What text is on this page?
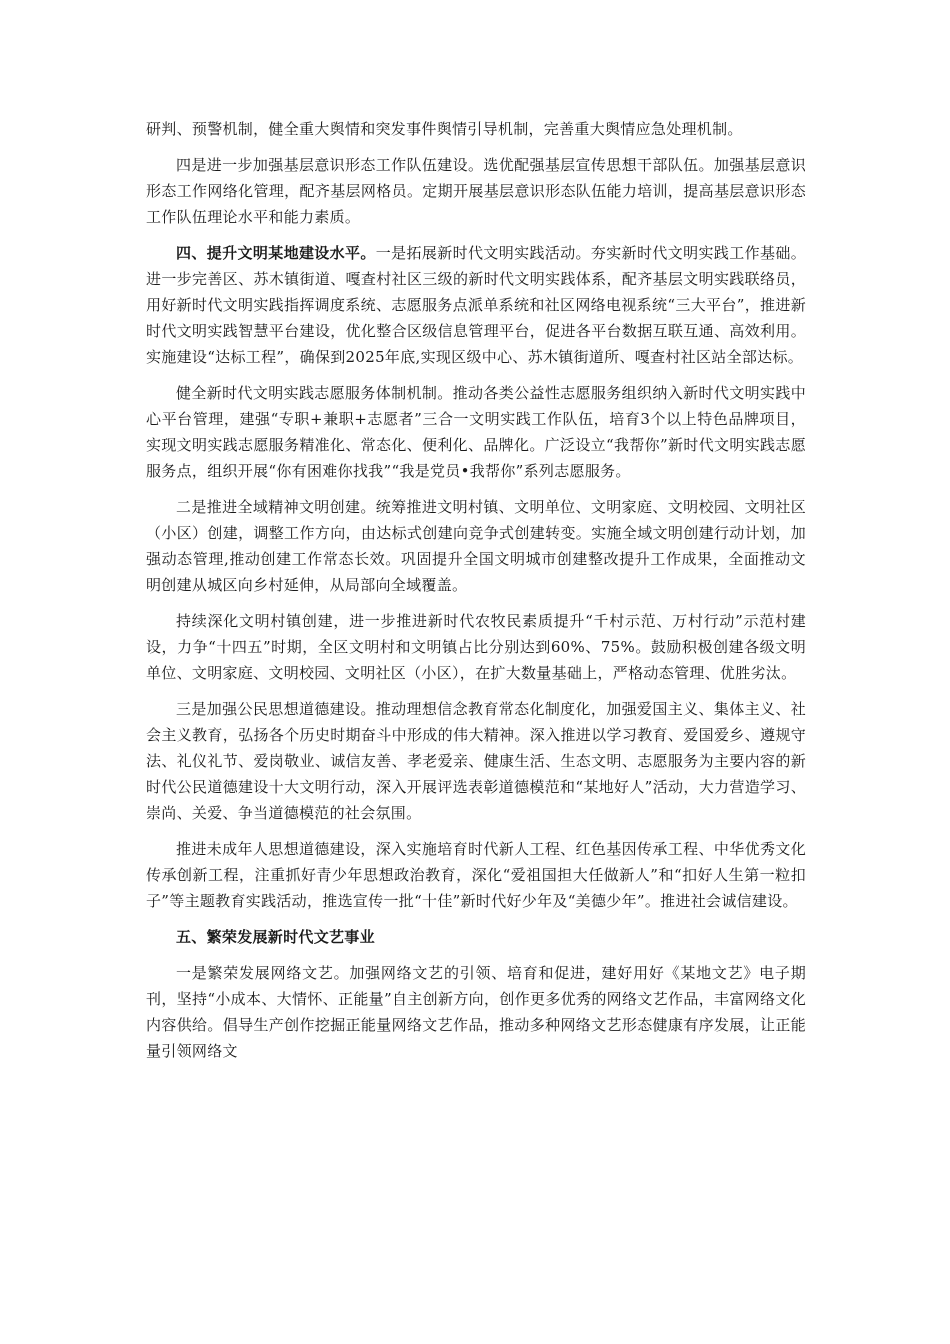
研判、预警机制，健全重大舆情和突发事件舆情引导机制，完善重大舆情应急处理机制。

四是进一步加强基层意识形态工作队伍建设。选优配强基层宣传思想干部队伍。加强基层意识形态工作网络化管理，配齐基层网格员。定期开展基层意识形态队伍能力培训，提高基层意识形态工作队伍理论水平和能力素质。

四、提升文明某地建设水平。一是拓展新时代文明实践活动。夯实新时代文明实践工作基础。进一步完善区、苏木镇街道、嘎查村社区三级的新时代文明实践体系，配齐基层文明实践联络员，用好新时代文明实践指挥调度系统、志愿服务点派单系统和社区网络电视系统“三大平台”，推进新时代文明实践智慧平台建设，优化整合区级信息管理平台，促进各平台数据互联互通、高效利用。实施建设“达标工程”，确保到2025年底,实现区级中心、苏木镇街道所、嘎查村社区站全部达标。

健全新时代文明实践志愿服务体制机制。推动各类公益性志愿服务组织纳入新时代文明实践中心平台管理，建强“专职+兼职+志愿者”三合一文明实践工作队伍，培育3个以上特色品牌项目，实现文明实践志愿服务精准化、常态化、便利化、品牌化。广泛设立“我帮你”新时代文明实践志愿服务点，组织开展“你有困难你找我”“我是党员•我帮你”系列志愿服务。

二是推进全域精神文明创建。统筹推进文明村镇、文明单位、文明家庭、文明校园、文明社区（小区）创建，调整工作方向，由达标式创建向竞争式创建转变。实施全域文明创建行动计划，加强动态管理,推动创建工作常态长效。巩固提升全国文明城市创建整改提升工作成果，全面推动文明创建从城区向乡村延伸，从局部向全域覆盖。

持续深化文明村镇创建，进一步推进新时代农牧民素质提升“千村示范、万村行动”示范村建设，力争“十四五”时期，全区文明村和文明镇占比分别达到60%、75%。鼓励积极创建各级文明单位、文明家庭、文明校园、文明社区（小区），在扩大数量基础上，严格动态管理、优胜劣汰。

三是加强公民思想道德建设。推动理想信念教育常态化制度化，加强爱国主义、集体主义、社会主义教育，弘扬各个历史时期奋斗中形成的伟大精神。深入推进以学习教育、爱国爱乡、遵规守法、礼仪礼节、爱岗敬业、诚信友善、孝老爱亲、健康生活、生态文明、志愿服务为主要内容的新时代公民道德建设十大文明行动，深入开展评选表彰道德模范和“某地好人”活动，大力营造学习、崇尚、关爱、争当道德模范的社会氛围。

推进未成年人思想道德建设，深入实施培育时代新人工程、红色基因传承工程、中华优秀文化传承创新工程，注重抓好青少年思想政治教育，深化“爱祖国担大任做新人”和“扣好人生第一粒扣子”等主题教育实践活动，推选宣传一批“十佳”新时代好少年及“美德少年”。推进社会诚信建设。

五、繁荣发展新时代文艺事业

一是繁荣发展网络文艺。加强网络文艺的引领、培育和促进，建好用好《某地文艺》电子期刊，坚持“小成本、大情怀、正能量”自主创新方向，创作更多优秀的网络文艺作品，丰富网络文化内容供给。倡导生产创作挖掘正能量网络文艺作品，推动多种网络文艺形态健康有序发展，让正能量引领网络文
